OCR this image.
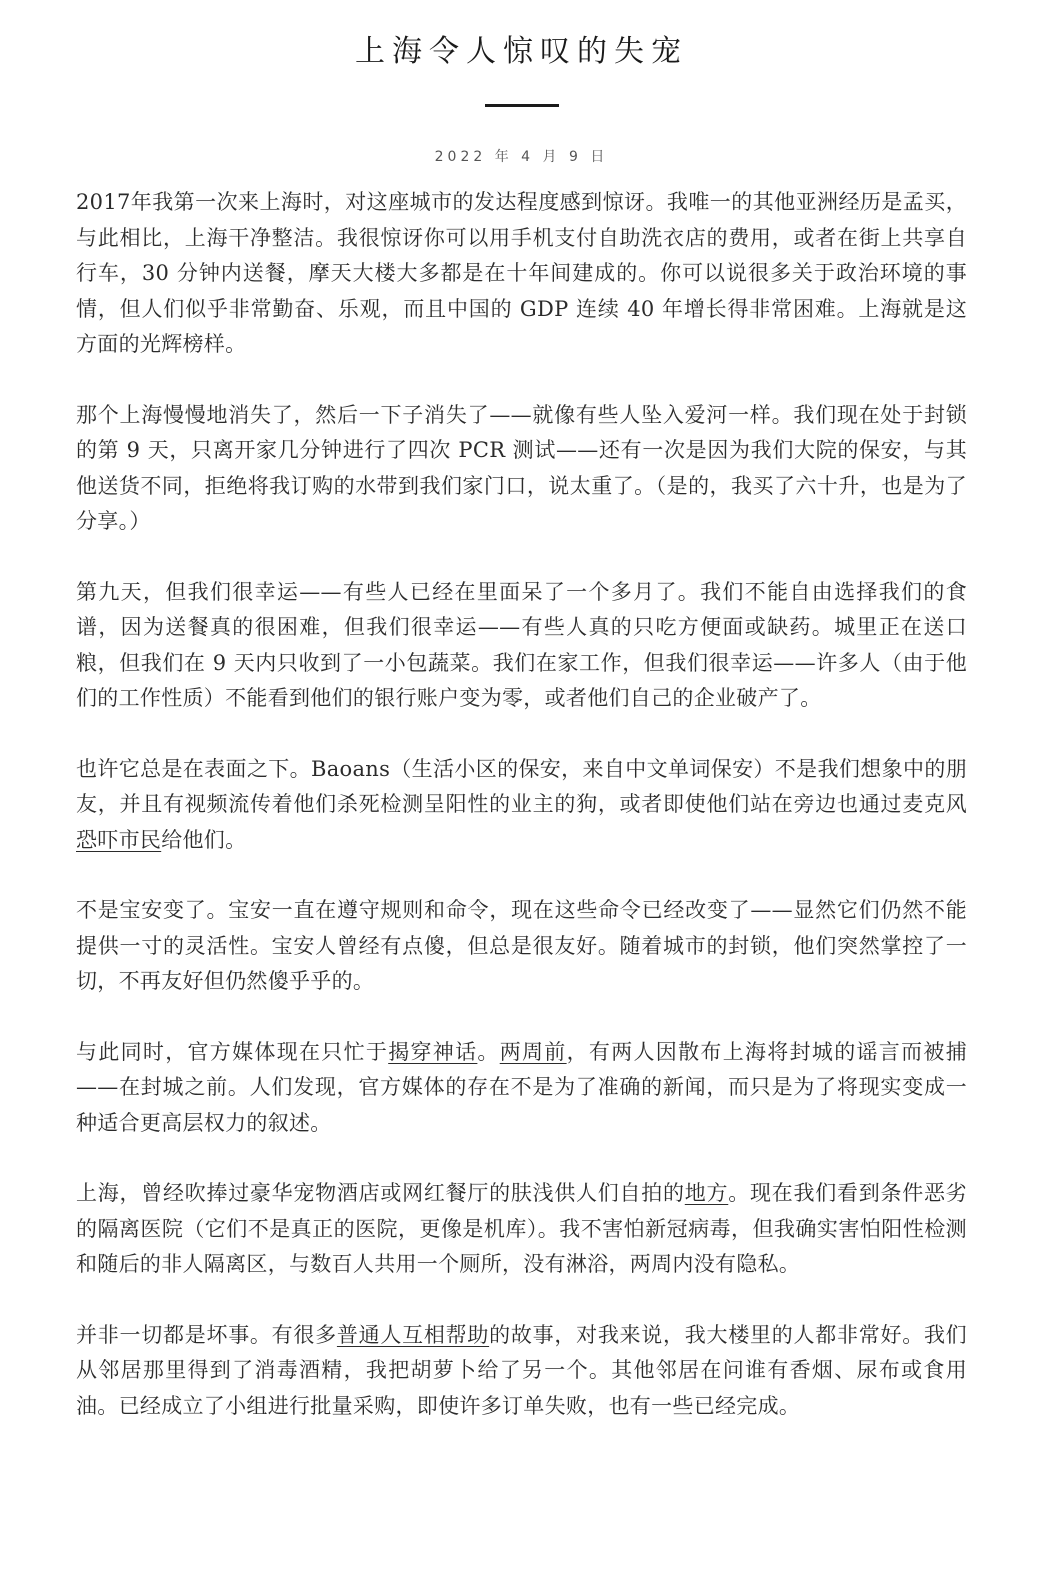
上海令人惊叹的失宠
2022 年 4 月 9 日

2017年我第一次来上海时，对这座城市的发达程度感到惊讶。我唯一的其他亚洲经历是孟买，与此相比，上海干净整洁。我很惊讶你可以用手机支付自助洗衣店的费用，或者在街上共享自行车，30 分钟内送餐，摩天大楼大多都是在十年间建成的。你可以说很多关于政治环境的事情，但人们似乎非常勤奋、乐观，而且中国的 GDP 连续 40 年增长得非常困难。上海就是这方面的光辉榜样。

那个上海慢慢地消失了，然后一下子消失了——就像有些人坠入爱河一样。我们现在处于封锁的第 9 天，只离开家几分钟进行了四次 PCR 测试——还有一次是因为我们大院的保安，与其他送货不同，拒绝将我订购的水带到我们家门口，说太重了。（是的，我买了六十升，也是为了分享。）

第九天，但我们很幸运——有些人已经在里面呆了一个多月了。我们不能自由选择我们的食谱，因为送餐真的很困难，但我们很幸运——有些人真的只吃方便面或缺药。城里正在送口粮，但我们在 9 天内只收到了一小包蔬菜。我们在家工作，但我们很幸运——许多人（由于他们的工作性质）不能看到他们的银行账户变为零，或者他们自己的企业破产了。

也许它总是在表面之下。Baoans（生活小区的保安，来自中文单词保安）不是我们想象中的朋友，并且有视频流传着他们杀死检测呈阳性的业主的狗，或者即使他们站在旁边也通过麦克风恐吓市民给他们。

不是宝安变了。宝安一直在遵守规则和命令，现在这些命令已经改变了——显然它们仍然不能提供一寸的灵活性。宝安人曾经有点傻，但总是很友好。随着城市的封锁，他们突然掌控了一切，不再友好但仍然傻乎乎的。

与此同时，官方媒体现在只忙于揭穿神话。两周前，有两人因散布上海将封城的谣言而被捕——在封城之前。人们发现，官方媒体的存在不是为了准确的新闻，而只是为了将现实变成一种适合更高层权力的叙述。

上海，曾经吹捧过豪华宠物酒店或网红餐厅的肤浅供人们自拍的地方。现在我们看到条件恶劣的隔离医院（它们不是真正的医院，更像是机库）。我不害怕新冠病毒，但我确实害怕阳性检测和随后的非人隔离区，与数百人共用一个厕所，没有淋浴，两周内没有隐私。

并非一切都是坏事。有很多普通人互相帮助的故事，对我来说，我大楼里的人都非常好。我们从邻居那里得到了消毒酒精，我把胡萝卜给了另一个。其他邻居在问谁有香烟、尿布或食用油。已经成立了小组进行批量采购，即使许多订单失败，也有一些已经完成。
